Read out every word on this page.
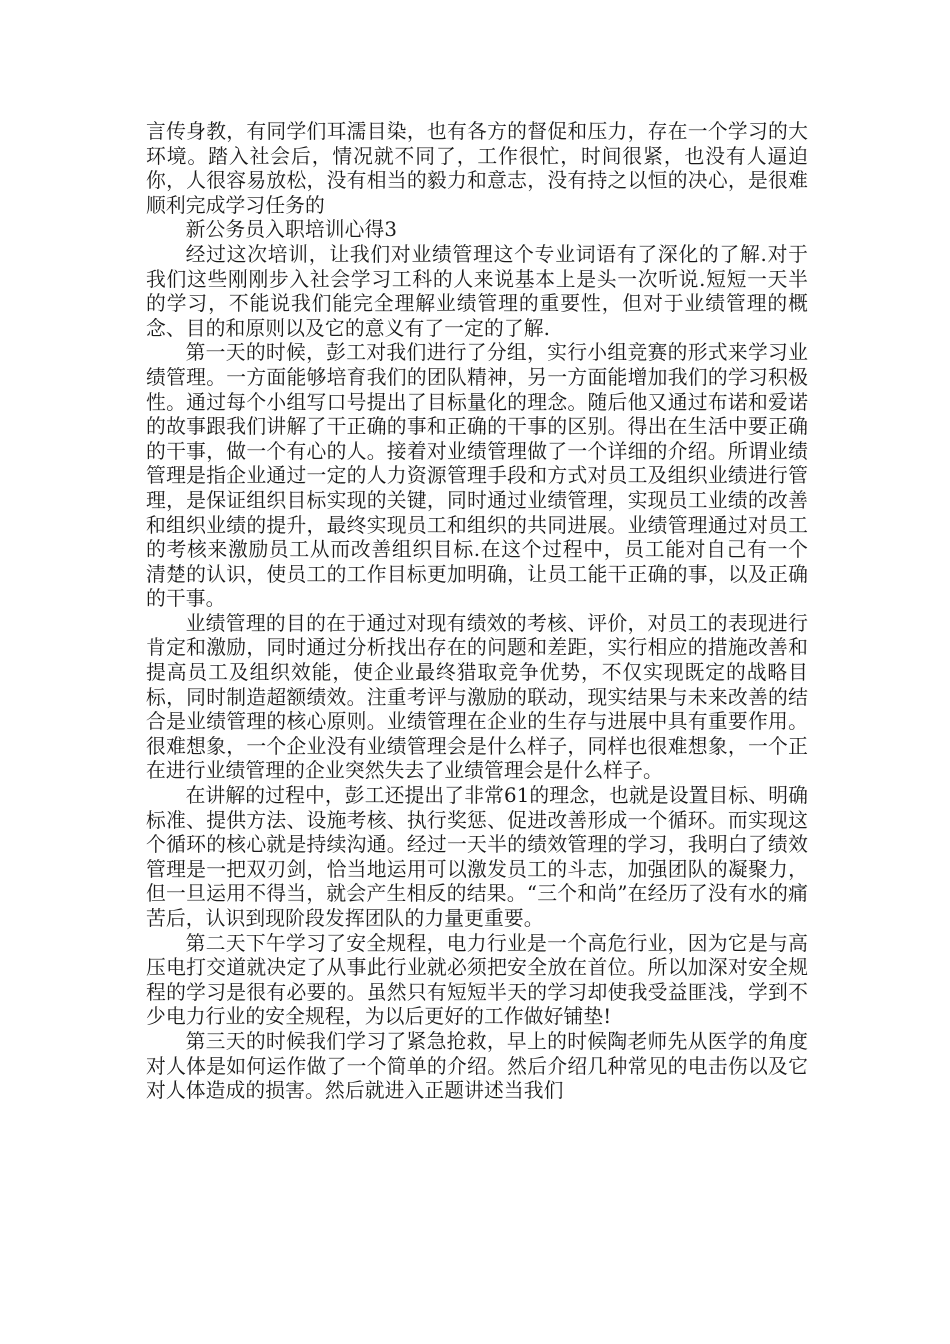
言传身教，有同学们耳濡目染，也有各方的督促和压力，存在一个学习的大环境。踏入社会后，情况就不同了，工作很忙，时间很紧，也没有人逼迫你，人很容易放松，没有相当的毅力和意志，没有持之以恒的决心，是很难顺利完成学习任务的

新公务员入职培训心得3

经过这次培训，让我们对业绩管理这个专业词语有了深化的了解.对于我们这些刚刚步入社会学习工科的人来说基本上是头一次听说.短短一天半的学习，不能说我们能完全理解业绩管理的重要性，但对于业绩管理的概念、目的和原则以及它的意义有了一定的了解.

第一天的时候，彭工对我们进行了分组，实行小组竞赛的形式来学习业绩管理。一方面能够培育我们的团队精神，另一方面能增加我们的学习积极性。通过每个小组写口号提出了目标量化的理念。随后他又通过布诺和爱诺的故事跟我们讲解了干正确的事和正确的干事的区别。得出在生活中要正确的干事，做一个有心的人。接着对业绩管理做了一个详细的介绍。所谓业绩管理是指企业通过一定的人力资源管理手段和方式对员工及组织业绩进行管理，是保证组织目标实现的关键，同时通过业绩管理，实现员工业绩的改善和组织业绩的提升，最终实现员工和组织的共同进展。业绩管理通过对员工的考核来激励员工从而改善组织目标.在这个过程中，员工能对自己有一个清楚的认识，使员工的工作目标更加明确，让员工能干正确的事，以及正确的干事。

业绩管理的目的在于通过对现有绩效的考核、评价，对员工的表现进行肯定和激励，同时通过分析找出存在的问题和差距，实行相应的措施改善和提高员工及组织效能，使企业最终猎取竞争优势，不仅实现既定的战略目标，同时制造超额绩效。注重考评与激励的联动，现实结果与未来改善的结合是业绩管理的核心原则。业绩管理在企业的生存与进展中具有重要作用。很难想象，一个企业没有业绩管理会是什么样子，同样也很难想象，一个正在进行业绩管理的企业突然失去了业绩管理会是什么样子。

在讲解的过程中，彭工还提出了非常61的理念，也就是设置目标、明确标准、提供方法、设施考核、执行奖惩、促进改善形成一个循环。而实现这个循环的核心就是持续沟通。经过一天半的绩效管理的学习，我明白了绩效管理是一把双刃剑，恰当地运用可以激发员工的斗志，加强团队的凝聚力，但一旦运用不得当，就会产生相反的结果。“三个和尚”在经历了没有水的痛苦后，认识到现阶段发挥团队的力量更重要。

第二天下午学习了安全规程，电力行业是一个高危行业，因为它是与高压电打交道就决定了从事此行业就必须把安全放在首位。所以加深对安全规程的学习是很有必要的。虽然只有短短半天的学习却使我受益匪浅，学到不少电力行业的安全规程，为以后更好的工作做好铺垫!

第三天的时候我们学习了紧急抢救，早上的时候陶老师先从医学的角度对人体是如何运作做了一个简单的介绍。然后介绍几种常见的电击伤以及它对人体造成的损害。然后就进入正题讲述当我们
